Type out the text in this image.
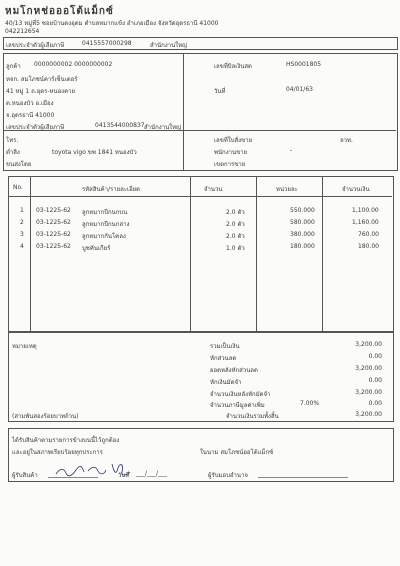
หมโกหช่อออโต้แม็กซ์
40/13 หมู่ที่5 ซอยบ้านดงอุดม ตำบลหมากแข้ง อำเภอเมือง จังหวัดอุดรธานี 41000
042212654
เลขประจำตัวผู้เสียภาษี	0415557000298	สำนักงานใหญ่
ลูกค้า 0000000002 0000000002
หจก. สมโภชน์คาร์เซ็นเตอร์
41 หมู่ 1 ถ.อุดร-หนองคาย
ต.หนองบัว อ.เมือง
จ.อุดรธานี 41000
เลขประจำตัวผู้เสียภาษี	0413544000837 สำนักงานใหญ่
โทร.
ต่ำสิง	toyota vigo ขพ 1841 หนองบัว
ขนส่งโดย
เลขที่บิลเงินสด	HS0001805
วันที่	04/01/63
เลขที่ใบสั่งขาย	ลวท.
พนักงานขาย	-
เขตการขาย
No.	รหัสสินค้า/รายละเอียด	จำนวน	หน่วยละ	จำนวนเงิน
1 03-1225-62 ลูกหมากปีกนกบน	2.0 ตัว	550.000	1,100.00
2 03-1225-62 ลูกหมากปีกนกล่าง	2.0 ตัว	580.000	1,160.00
3 03-1225-62 ลูกหมากกันโคลง	2.0 ตัว	380.000	760.00
4 03-1225-62 บูชคันเกียร์	1.0 ตัว	180.000	180.00
หมายเหตุ	รวมเป็นเงิน	3,200.00
หักส่วนลด	0.00
ยอดหลังหักส่วนลด	3,200.00
หักเงินมัดจำ	0.00
จำนวนเงินหลังหักมัดจำ	3,200.00
จำนวนภาษีมูลค่าเพิ่ม	7.00%	0.00
(สามพันสองร้อยบาทถ้วน)	จำนวนเงินรวมทั้งสิ้น	3,200.00
ได้รับสินค้าตามรายการข้างบนนี้ไว้ถูกต้อง
และอยู่ในสภาพเรียบร้อยทุกประการ	ในนาม สมโภชน์ออโต้แม็กซ์
ผู้รับสินค้า	วันที่ ___/___/___	ผู้รับมอบอำนาจ
